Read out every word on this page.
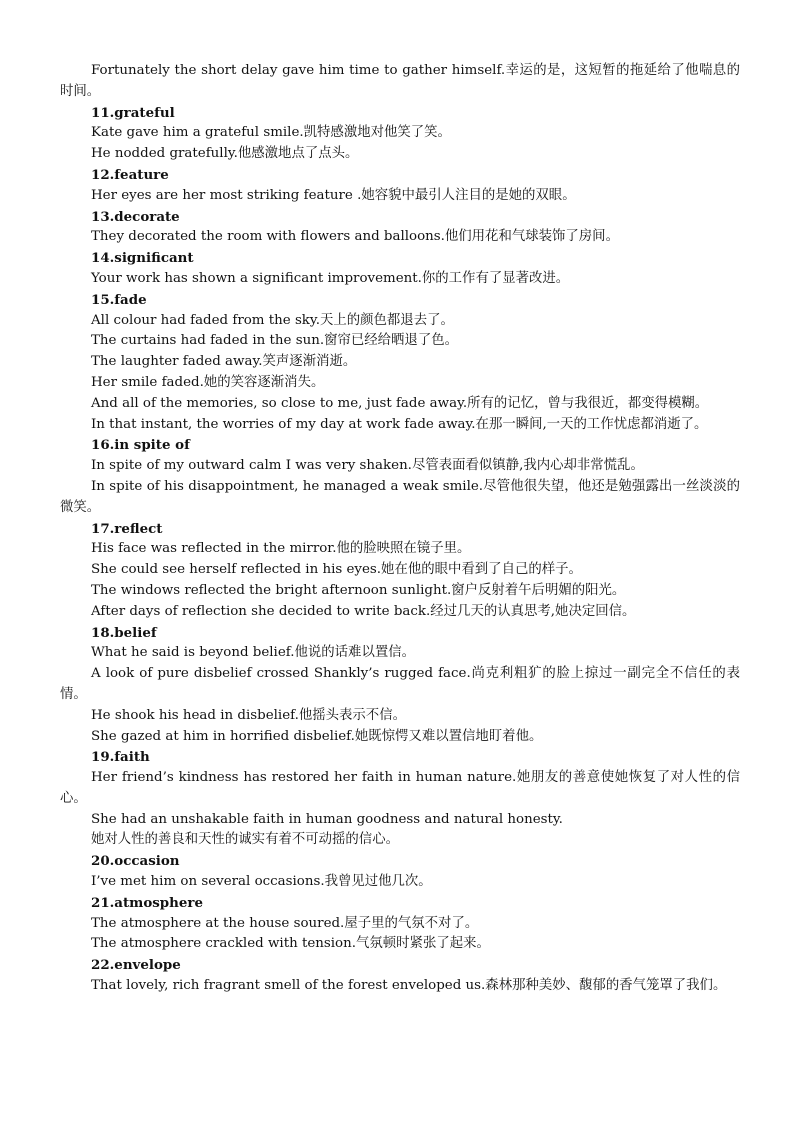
Fortunately the short delay gave him time to gather himself.幸运的是，这短暂的拖延给了他喘息的时间。

11.grateful

Kate gave him a grateful smile.凯特感激地对他笑了笑。

He nodded gratefully.他感激地点了点头。

12.feature

Her eyes are her most striking feature .她容貌中最引人注目的是她的双眼。

13.decorate

They decorated the room with flowers and balloons.他们用花和气球装饰了房间。

14.significant

Your work has shown a significant improvement.你的工作有了显著改进。

15.fade

All colour had faded from the sky.天上的颜色都退去了。

The curtains had faded in the sun.窗帘已经给晒退了色。

The laughter faded away.笑声逐渐消逝。

Her smile faded.她的笑容逐渐消失。

And all of the memories, so close to me, just fade away.所有的记忆，曾与我很近，都变得模糊。

In that instant, the worries of my day at work fade away.在那一瞬间,一天的工作忧虑都消逝了。

16.in spite of

In spite of my outward calm I was very shaken.尽管表面看似镇静,我内心却非常慌乱。

In spite of his disappointment, he managed a weak smile.尽管他很失望，他还是勉强露出一丝淡淡的微笑。

17.reflect

His face was reflected in the mirror.他的脸映照在镜子里。

She could see herself reflected in his eyes.她在他的眼中看到了自己的样子。

The windows reflected the bright afternoon sunlight.窗户反射着午后明媚的阳光。

After days of reflection she decided to write back.经过几天的认真思考,她决定回信。

18.belief

What he said is beyond belief.他说的话难以置信。

A look of pure disbelief crossed Shankly’s rugged face.尚克利粗犷的脸上掠过一副完全不信任的表情。

He shook his head in disbelief.他摇头表示不信。

She gazed at him in horrified disbelief.她既惊愕又难以置信地盯着他。

19.faith

Her friend’s kindness has restored her faith in human nature.她朋友的善意使她恢复了对人性的信心。

She had an unshakable faith in human goodness and natural honesty.

她对人性的善良和天性的诚实有着不可动摇的信心。

20.occasion

I’ve met him on several occasions.我曾见过他几次。

21.atmosphere

The atmosphere at the house soured.屋子里的气氛不对了。

The atmosphere crackled with tension.气氛顿时紧张了起来。

22.envelope

That lovely, rich fragrant smell of the forest enveloped us.森林那种美妙、馥郁的香气笼罩了我们。
